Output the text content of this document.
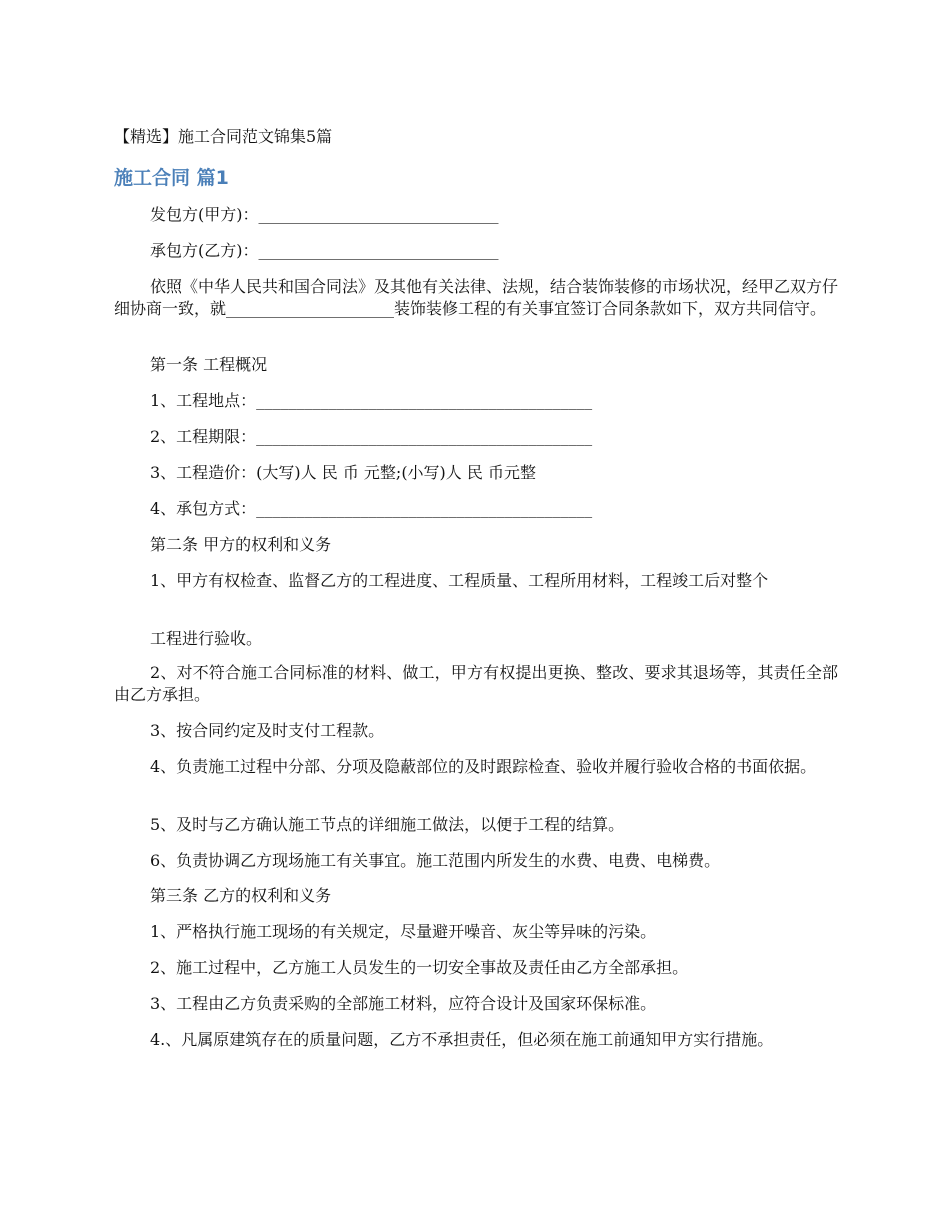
【精选】施工合同范文锦集5篇
施工合同 篇1

发包方(甲方)：______________________________

承包方(乙方)：______________________________

依照《中华人民共和国合同法》及其他有关法律、法规，结合装饰装修的市场状况，经甲乙双方仔细协商一致，就_____________________装饰装修工程的有关事宜签订合同条款如下，双方共同信守。

第一条 工程概况

1、工程地点：__________________________________________

2、工程期限：__________________________________________

3、工程造价：(大写)人 民 币 元整;(小写)人 民 币元整

4、承包方式：__________________________________________

第二条 甲方的权利和义务

1、甲方有权检查、监督乙方的工程进度、工程质量、工程所用材料，工程竣工后对整个

工程进行验收。

2、对不符合施工合同标准的材料、做工，甲方有权提出更换、整改、要求其退场等，其责任全部由乙方承担。

3、按合同约定及时支付工程款。

4、负责施工过程中分部、分项及隐蔽部位的及时跟踪检查、验收并履行验收合格的书面依据。

5、及时与乙方确认施工节点的详细施工做法，以便于工程的结算。

6、负责协调乙方现场施工有关事宜。施工范围内所发生的水费、电费、电梯费。

第三条 乙方的权利和义务

1、严格执行施工现场的有关规定，尽量避开噪音、灰尘等异味的污染。

2、施工过程中，乙方施工人员发生的一切安全事故及责任由乙方全部承担。

3、工程由乙方负责采购的全部施工材料，应符合设计及国家环保标准。

4.、凡属原建筑存在的质量问题，乙方不承担责任，但必须在施工前通知甲方实行措施。
